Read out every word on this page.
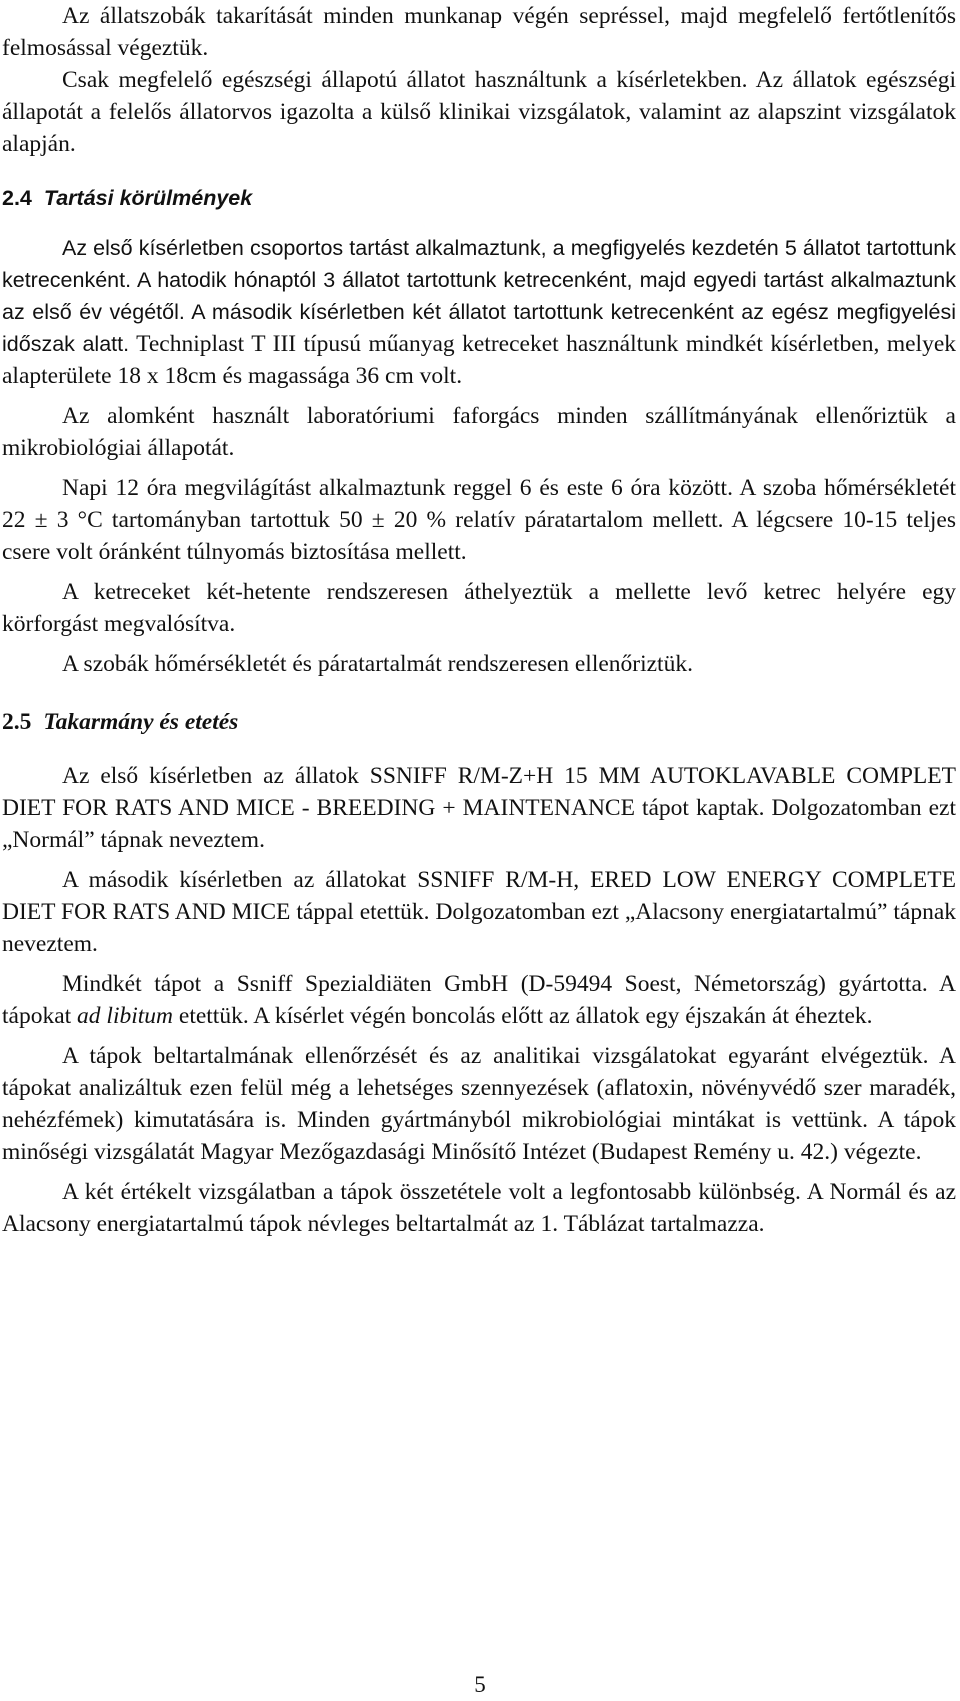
Az állatszobák takarítását minden munkanap végén sepréssel, majd megfelelő fertőtlenítős felmosással végeztük.

Csak megfelelő egészségi állapotú állatot használtunk a kísérletekben. Az állatok egészségi állapotát a felelős állatorvos igazolta a külső klinikai vizsgálatok, valamint az alapszint vizsgálatok alapján.

2.4 Tartási körülmények

Az első kísérletben csoportos tartást alkalmaztunk, a megfigyelés kezdetén 5 állatot tartottunk ketrecenként. A hatodik hónaptól 3 állatot tartottunk ketrecenként, majd egyedi tartást alkalmaztunk az első év végétől. A második kísérletben két állatot tartottunk ketrecenként az egész megfigyelési időszak alatt. Techniplast T III típusú műanyag ketreceket használtunk mindkét kísérletben, melyek alapterülete 18 x 18cm és magassága 36 cm volt.

Az alomként használt laboratóriumi faforgács minden szállítmányának ellenőriztük a mikrobiológiai állapotát.

Napi 12 óra megvilágítást alkalmaztunk reggel 6 és este 6 óra között. A szoba hőmérsékletét 22 ± 3 °C tartományban tartottuk 50 ± 20 % relatív páratartalom mellett. A légcsere 10-15 teljes csere volt óránként túlnyomás biztosítása mellett.

A ketreceket két-hetente rendszeresen áthelyeztük a mellette levő ketrec helyére egy körforgást megvalósítva.

A szobák hőmérsékletét és páratartalmát rendszeresen ellenőriztük.

2.5 Takarmány és etetés

Az első kísérletben az állatok SSNIFF R/M-Z+H 15 MM AUTOKLAVABLE COMPLET DIET FOR RATS AND MICE - BREEDING + MAINTENANCE tápot kaptak. Dolgozatomban ezt „Normál” tápnak neveztem.

A második kísérletben az állatokat SSNIFF R/M-H, ERED LOW ENERGY COMPLETE DIET FOR RATS AND MICE táppal etettük. Dolgozatomban ezt „Alacsony energiatartalmú” tápnak neveztem.

Mindkét tápot a Ssniff Spezialdiäten GmbH (D-59494 Soest, Németország) gyártotta. A tápokat ad libitum etettük. A kísérlet végén boncolás előtt az állatok egy éjszakán át éheztek.

A tápok beltartalmának ellenőrzését és az analitikai vizsgálatokat egyaránt elvégeztük. A tápokat analizáltuk ezen felül még a lehetséges szennyezések (aflatoxin, növényvédő szer maradék, nehézfémek) kimutatására is. Minden gyártmányból mikrobiológiai mintákat is vettünk. A tápok minőségi vizsgálatát Magyar Mezőgazdasági Minősítő Intézet (Budapest Remény u. 42.) végezte.

A két értékelt vizsgálatban a tápok összetétele volt a legfontosabb különbség. A Normál és az Alacsony energiatartalmú tápok névleges beltartalmát az 1. Táblázat tartalmazza.

5
